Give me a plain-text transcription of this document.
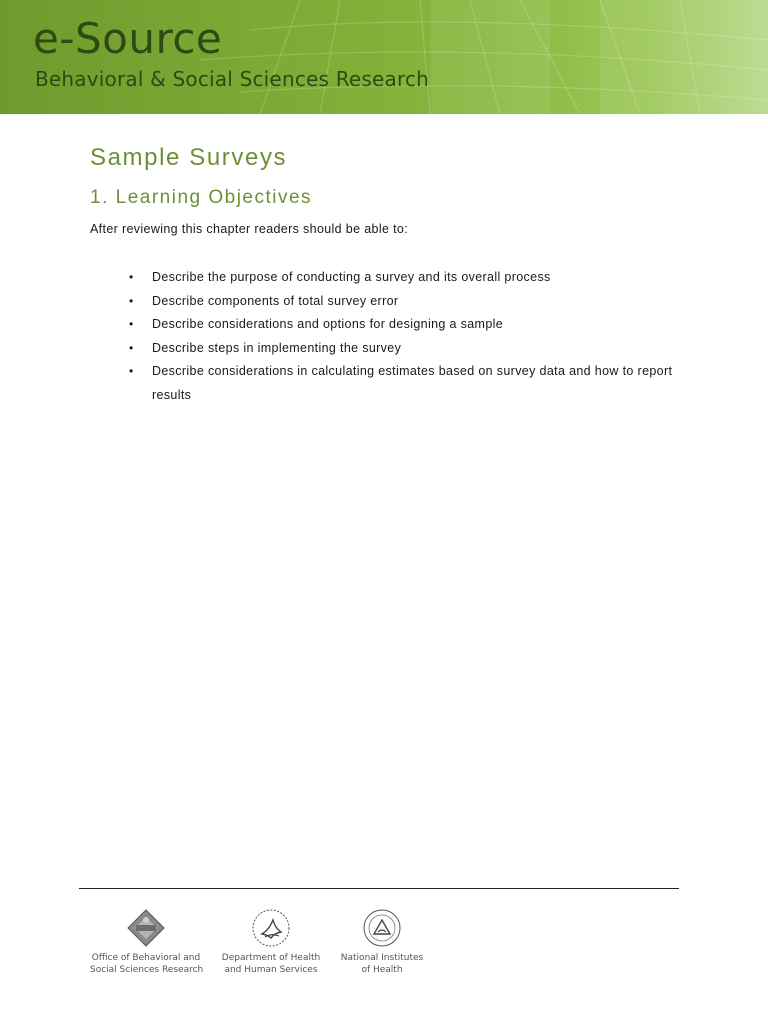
e-Source
Behavioral & Social Sciences Research
Sample Surveys
1. Learning Objectives

After reviewing this chapter readers should be able to:

• Describe the purpose of conducting a survey and its overall process
• Describe components of total survey error
• Describe considerations and options for designing a sample
• Describe steps in implementing the survey
• Describe considerations in calculating estimates based on survey data and how to report results
Office of Behavioral and
Social Sciences Research
Department of Health
and Human Services
National Institutes
of Health
